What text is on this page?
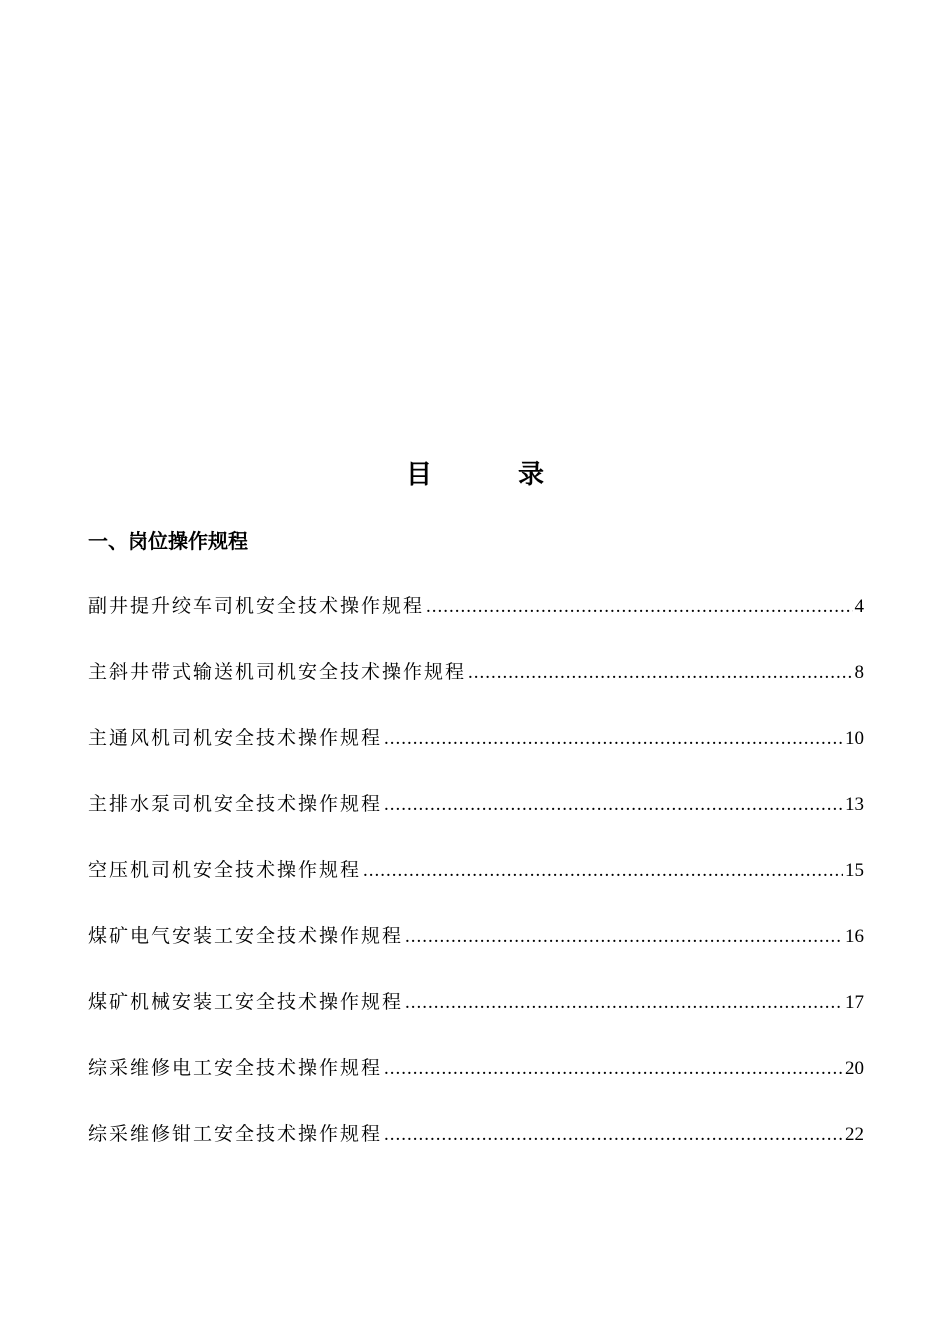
目　录
一、岗位操作规程
副井提升绞车司机安全技术操作规程 .....	4
主斜井带式输送机司机安全技术操作规程 .....	8
主通风机司机安全技术操作规程 .....	10
主排水泵司机安全技术操作规程 .....	13
空压机司机安全技术操作规程 .....	15
煤矿电气安装工安全技术操作规程 .....	16
煤矿机械安装工安全技术操作规程 .....	17
综采维修电工安全技术操作规程 .....	20
综采维修钳工安全技术操作规程 .....	22
